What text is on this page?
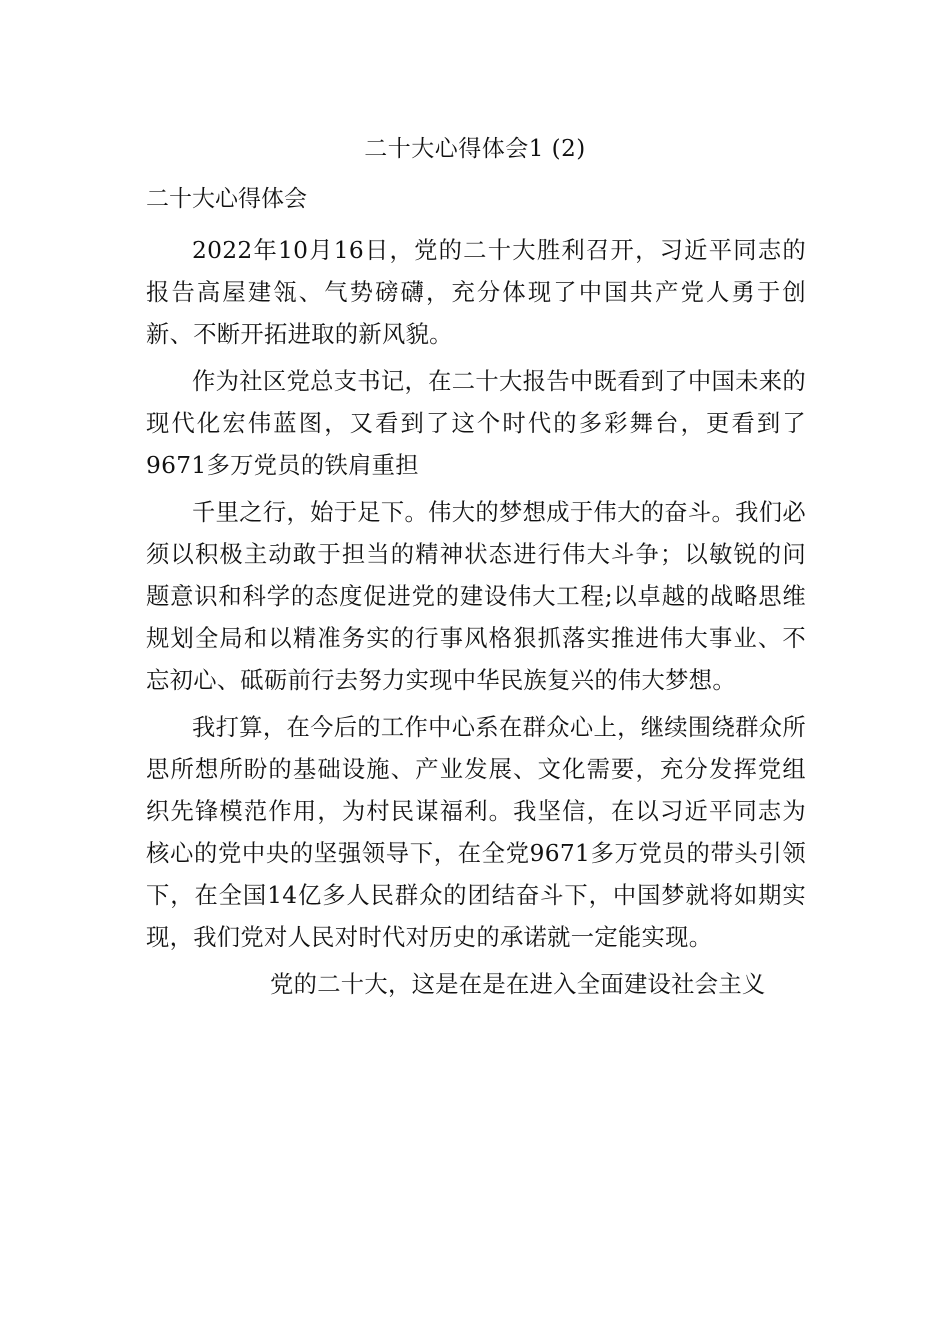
二十大心得体会1 (2)
二十大心得体会

2022年10月16日，党的二十大胜利召开，习近平同志的报告高屋建瓴、气势磅礴，充分体现了中国共产党人勇于创新、不断开拓进取的新风貌。

作为社区党总支书记，在二十大报告中既看到了中国未来的现代化宏伟蓝图，又看到了这个时代的多彩舞台，更看到了9671多万党员的铁肩重担

千里之行，始于足下。伟大的梦想成于伟大的奋斗。我们必须以积极主动敢于担当的精神状态进行伟大斗争；以敏锐的问题意识和科学的态度促进党的建设伟大工程;以卓越的战略思维规划全局和以精准务实的行事风格狠抓落实推进伟大事业、不忘初心、砥砺前行去努力实现中华民族复兴的伟大梦想。

我打算，在今后的工作中心系在群众心上，继续围绕群众所思所想所盼的基础设施、产业发展、文化需要，充分发挥党组织先锋模范作用，为村民谋福利。我坚信，在以习近平同志为核心的党中央的坚强领导下，在全党9671多万党员的带头引领下，在全国14亿多人民群众的团结奋斗下，中国梦就将如期实现，我们党对人民对时代对历史的承诺就一定能实现。

党的二十大，这是在是在进入全面建设社会主义
